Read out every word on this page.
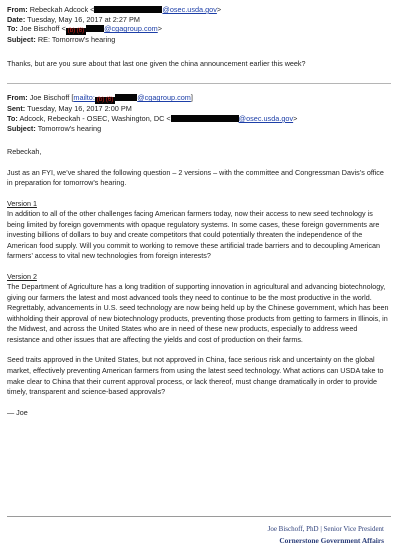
From: Rebeckah Adcock <	@osec.usda.gov>
Date: Tuesday, May 16, 2017 at 2:27 PM
To: Joe Bischoff < (b) (6)	@cgagroup.com>
Subject: RE: Tomorrow's hearing

Thanks, but are you sure about that last one given the china announcement earlier this week?

From: Joe Bischoff [mailto: (b) (6)	@cgagroup.com]
Sent: Tuesday, May 16, 2017 2:00 PM
To: Adcock, Rebeckah - OSEC, Washington, DC <	@osec.usda.gov>
Subject: Tomorrow's hearing

Rebeckah,

Just as an FYI, we’ve shared the following question – 2 versions – with the committee and Congressman Davis’s office in preparation for tomorrow’s hearing.

Version 1

In addition to all of the other challenges facing American farmers today, now their access to new seed technology is being limited by foreign governments with opaque regulatory systems. In some cases, these foreign governments are investing billions of dollars to buy and create competitors that could potentially threaten the independence of the American food supply. Will you commit to working to remove these artificial trade barriers and to decoupling American farmers’ access to vital new technologies from foreign interests?

Version 2

The Department of Agriculture has a long tradition of supporting innovation in agricultural and advancing biotechnology, giving our farmers the latest and most advanced tools they need to continue to be the most productive in the world. Regrettably, advancements in U.S. seed technology are now being held up by the Chinese government, which has been withholding their approval of new biotechnology products, preventing those products from getting to farmers in Illinois, in the Midwest, and across the United States who are in need of these new products, especially to address weed resistance and other issues that are affecting the yields and cost of production on their farms.

Seed traits approved in the United States, but not approved in China, face serious risk and uncertainty on the global market, effectively preventing American farmers from using the latest seed technology. What actions can USDA take to make clear to China that their current approval process, or lack thereof, must change dramatically in order to provide timely, transparent and science-based approvals?

— Joe

Joe Bischoff, PhD | Senior Vice President
Cornerstone Government Affairs
